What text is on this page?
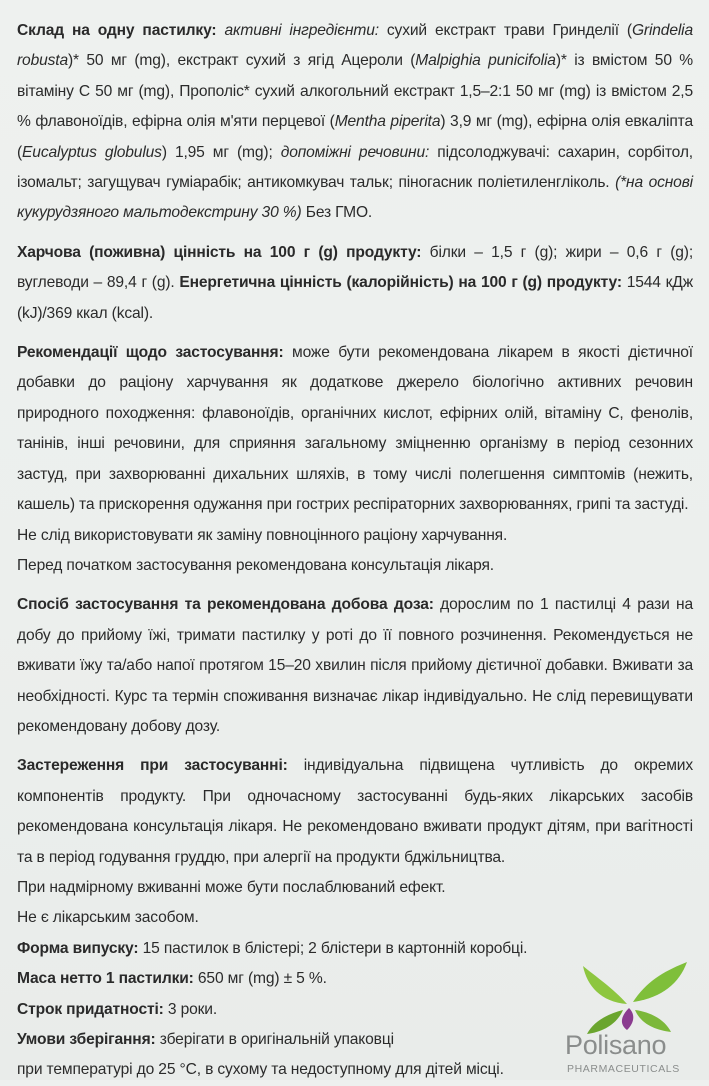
Склад на одну пастилку: активні інгредієнти: сухий екстракт трави Гринделії (Grindelia robusta)* 50 мг (mg), екстракт сухий з ягід Ацероли (Malpighia punicifolia)* із вмістом 50 % вітаміну С 50 мг (mg), Прополіс* сухий алкогольний екстракт 1,5–2:1 50 мг (mg) із вмістом 2,5 % флавоноїдів, ефірна олія м'яти перцевої (Mentha piperita) 3,9 мг (mg), ефірна олія евкаліпта (Eucalyptus globulus) 1,95 мг (mg); допоміжні речовини: підсолоджувачі: сахарин, сорбітол, ізомальт; загущувач гуміарабік; антикомкувач тальк; піногасник поліетиленгліколь. (*на основі кукурудзяного мальтодекстрину 30 %) Без ГМО.

Харчова (поживна) цінність на 100 г (g) продукту: білки – 1,5 г (g); жири – 0,6 г (g); вуглеводи – 89,4 г (g). Енергетична цінність (калорійність) на 100 г (g) продукту: 1544 кДж (kJ)/369 ккал (kcal).

Рекомендації щодо застосування: може бути рекомендована лікарем в якості дієтичної добавки до раціону харчування як додаткове джерело біологічно активних речовин природного походження: флавоноїдів, органічних кислот, ефірних олій, вітаміну С, фенолів, танінів, інші речовини, для сприяння загальному зміцненню організму в період сезонних застуд, при захворюванні дихальних шляхів, в тому числі полегшення симптомів (нежить, кашель) та прискорення одужання при гострих респіраторних захворюваннях, грипі та застуді.

Не слід використовувати як заміну повноцінного раціону харчування.

Перед початком застосування рекомендована консультація лікаря.

Спосіб застосування та рекомендована добова доза: дорослим по 1 пастилці 4 рази на добу до прийому їжі, тримати пастилку у роті до її повного розчинення. Рекомендується не вживати їжу та/або напої протягом 15–20 хвилин після прийому дієтичної добавки. Вживати за необхідності. Курс та термін споживання визначає лікар індивідуально. Не слід перевищувати рекомендовану добову дозу.

Застереження при застосуванні: індивідуальна підвищена чутливість до окремих компонентів продукту. При одночасному застосуванні будь-яких лікарських засобів рекомендована консультація лікаря. Не рекомендовано вживати продукт дітям, при вагітності та в період годування груддю, при алергії на продукти бджільництва.

При надмірному вживанні може бути послаблюваний ефект.

Не є лікарським засобом.

Форма випуску: 15 пастилок в блістері; 2 блістери в картонній коробці.

Маса нетто 1 пастилки: 650 мг (mg) ± 5 %.

Строк придатності: 3 роки.

Умови зберігання: зберігати в оригінальній упаковці

при температурі до 25 °С, в сухому та недоступному для дітей місці.

Polisano
PHARMACEUTICALS
